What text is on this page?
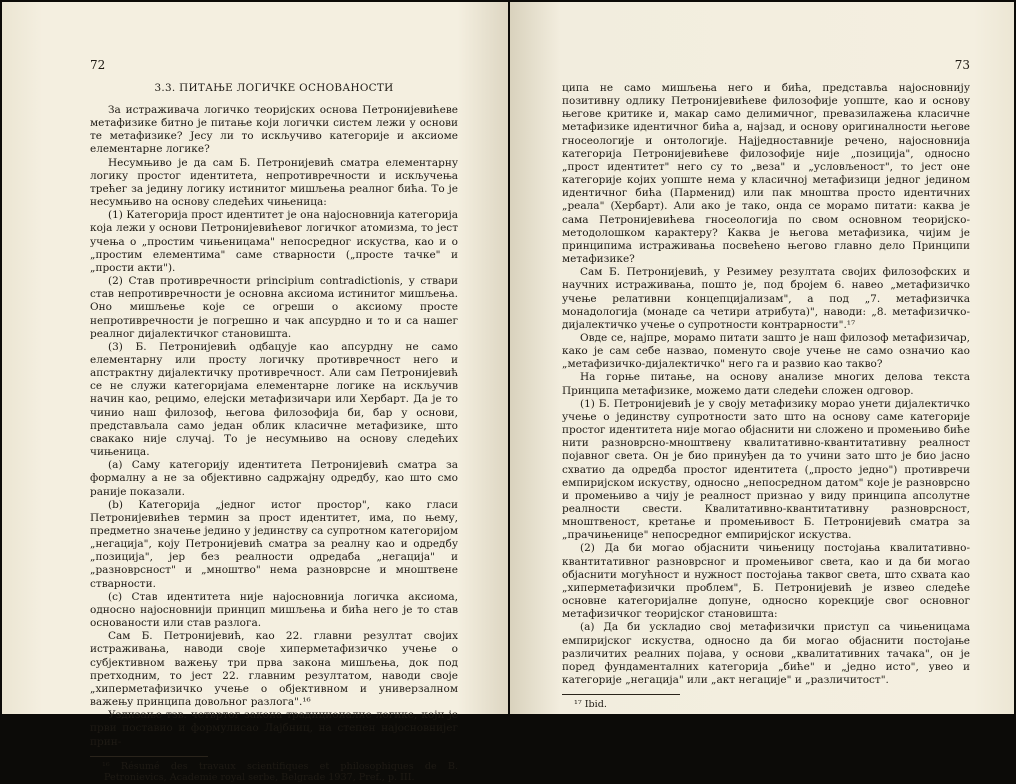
72
3.3. ПИТАЊЕ ЛОГИЧКЕ ОСНОВАНОСТИ

За истраживача логичко теоријских основа Петронијевићеве метафизике битно је питање који логички систем лежи у основи те метафизике? Јесу ли то искључиво категорије и аксиоме елементарне логике?

Несумњиво је да сам Б. Петронијевић сматра елементарну логику простог идентитета, непротивречности и искључења трећег за јединy логику истинитог мишљења реалног бића. То је несумњиво на основу следећих чињеница:

(1) Категорија прост идентитет је она најосновнија категорија која лежи у основи Петронијевићевог логичког атомизма, то јест учења о „простим чињеницама" непосредног искуства, као и о „простим елементима" саме стварности („просте тачке" и „прости акти").

(2) Став противречности principium contradictionis, у ствари став непротивречности је основна аксиома истинитог мишљења. Оно мишљење које се огреши о аксиому просте непротивречности је погрешно и чак апсурдно и то и са нашег реалног дијалектичког становишта.

(3) Б. Петронијевић одбацује као апсурдну не само елементарну или просту логичку противречност него и апстрактну дијалектичку противречност. Али сам Петронијевић се не служи категоријама елементарне логике на искључив начин као, рецимо, елејски метафизичари или Хербарт. Да је то чинио наш филозоф, његова филозофија би, бар у основи, представљала само један облик класичне метафизике, што свакако није случај. То је несумњиво на основу следећих чињеница.

(а) Самy категоријy идентитета Петронијевић сматра за формалну а не за објективно садржајну одредбу, као што смо раније показали.

(b) Категорија „једног истог простор", како гласи Петронијевићев термин за прост идентитет, има, по њему, предметно значење једино у јединству са супротном категоријом „негација", којy Петронијевић сматра за реалну као и одредбу „позиција", јер без реалности одредаба „негација" и „разноврсност" и „мноштво" нема разноврсне и мноштвене стварности.

(c) Став идентитета није најосновнија логичка аксиома, односно најосновнији принцип мишљења и бића него је то став основаности или став разлога.

Сам Б. Петронијевић, као 22. главни резултат својих истраживања, наводи своје хиперметафизичко учење о субјективном важењу три прва закона мишљења, док под претходним, то јест 22. главним резултатом, наводи своје „хиперметафизичко учење о објективном и универзалном важењу принципа довољног разлога".¹⁶

Уздизање тзв. четвртог закона традиционалне логике, који је први поставио и формулисао Лајбниц, на степен најосновнијег прин-

¹⁶ Résumé des travaux scientifiques et philosophiques de B. Petronievics, Academie royal serbe, Belgrade 1937, Pref., p. III.
73

ципа не само мишљења него и бића, представља најосновнију позитивну одлику Петронијевићеве филозофије уопште, као и основу његове критике и, макар само делимичног, превазилажења класичне метафизике идентичног бића а, најзад, и основу оригиналности његове гносеологије и онтологије. Најједноставније речено, најосновнија категорија Петронијевићеве филозофије није „позиција", односно „прост идентитет" него су то „веза" и „условљеност", то јест оне категорије којих уопште нема у класичној метафизици једног једином идентичног бића (Парменид) или пак мноштва просто идентичних „реала" (Хербарт). Али ако је тако, онда се морамо питати: каква је сама Петронијевићева гносеологија по свом основном теоријско-методолошком карактеру? Каква је његова метафизика, чијим је принципима истраживања посвећено његово главно дело Принципи метафизике?

Сам Б. Петронијевић, у Резимеу резултата својих филозофских и научних истраживања, пошто је, под бројем 6. навео „метафизичко учење релативни концепцијализам", а под „7. метафизичка монадологија (монаде са четири атрибута)", наводи: „8. метафизичко-дијалектичко учење о супротности контрарности".¹⁷

Овде се, најпре, морамо питати зашто је наш филозоф метафизичар, како је сам себе назвао, поменуто своје учење не само означио као „метафизичко-дијалектичко" него га и развио као такво?

На горње питање, на основу анализе многих делова текста Принципа метафизике, можемо дати следећи сложен одговор.

(1) Б. Петронијевић је у своју метафизику морао унети дијалектичко учење о јединству супротности зато што на основу саме категорије простог идентитета није могао објаснити ни сложено и промењиво биће нити разноврсно-мноштвену квалитативно-квантитативну реалност појавног света. Он је био принуђен да то учини зато што је био јасно схватио да одредба простог идентитета („просто једно") противречи емпиријском искуству, односно „непосредном датом" које је разноврсно и промењиво а чију је реалност признао у виду принципа апсолутне реалности свести. Квалитативно-квантитативну разноврсност, мноштвеност, кретање и промењивост Б. Петронијевић сматра за „прачињенице" непосредног емпиријског искуства.

(2) Да би могао објаснити чињеницу постојања квалитативно-квантитативног разноврсног и промењивог света, као и да би могао објаснити могућност и нужност постојања таквог света, што схвата као „хиперметафизички проблем", Б. Петронијевић је извео следеће основне категоријалне допуне, односно корекције свог основног метафизичког теоријског становишта:

(а) Да би ускладио свој метафизички приступ са чињеницама емпиријског искуства, односно да би могао објаснити постојање различитих реалних појава, у основи „квалитативних тачака", он је поред фундаменталних категорија „биће" и „једно исто", увео и категорије „негација" или „акт негације" и „различитост".

¹⁷ Ibid.
